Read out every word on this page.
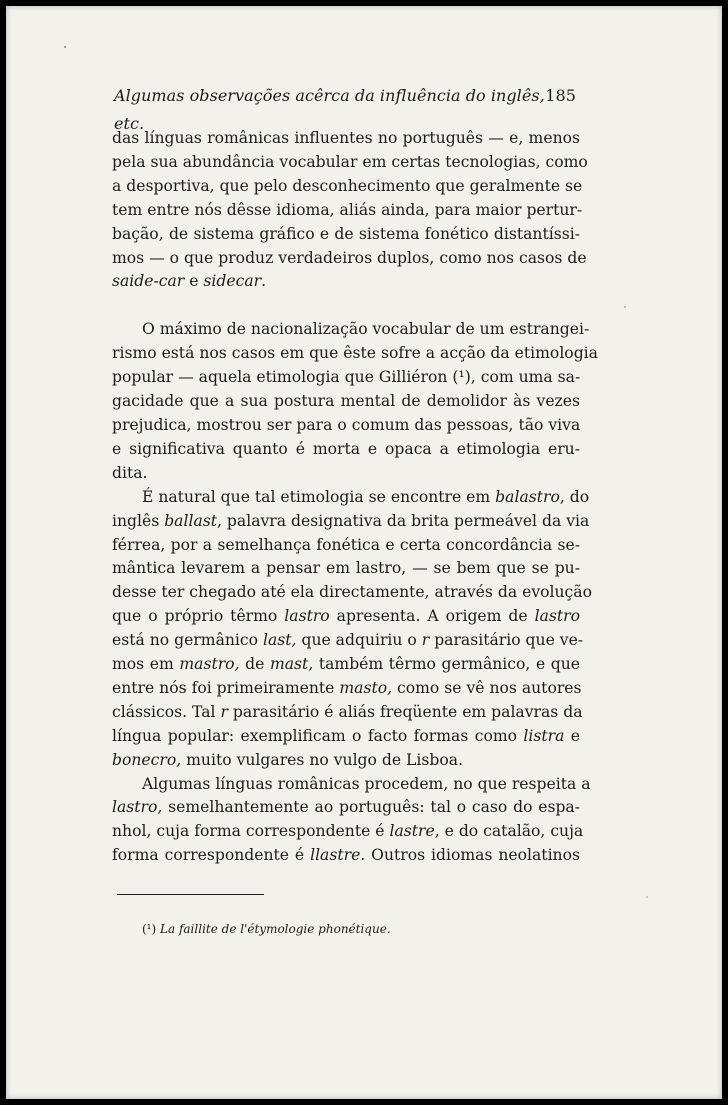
Algumas observações acêrca da influência do inglês, etc.
185

das línguas românicas influentes no português — e, menos
pela sua abundância vocabular em certas tecnologias, como
a desportiva, que pelo desconhecimento que geralmente se
tem entre nós dêsse idioma, aliás ainda, para maior pertur-
bação, de sistema gráfico e de sistema fonético distantíssi-
mos — o que produz verdadeiros duplos, como nos casos de
saide-car e sidecar.

O máximo de nacionalização vocabular de um estrangei-
rismo está nos casos em que êste sofre a acção da etimologia
popular — aquela etimologia que Gilliéron (¹), com uma sa-
gacidade que a sua postura mental de demolidor às vezes
prejudica, mostrou ser para o comum das pessoas, tão viva
e significativa quanto é morta e opaca a etimologia eru-
dita.

É natural que tal etimologia se encontre em balastro, do
inglês ballast, palavra designativa da brita permeável da via
férrea, por a semelhança fonética e certa concordância se-
mântica levarem a pensar em lastro, — se bem que se pu-
desse ter chegado até ela directamente, através da evolução
que o próprio têrmo lastro apresenta. A origem de lastro
está no germânico last, que adquiriu o r parasitário que ve-
mos em mastro, de mast, também têrmo germânico, e que
entre nós foi primeiramente masto, como se vê nos autores
clássicos. Tal r parasitário é aliás freqüente em palavras da
língua popular: exemplificam o facto formas como listra e
bonecro, muito vulgares no vulgo de Lisboa.

Algumas línguas românicas procedem, no que respeita a
lastro, semelhantemente ao português: tal o caso do espa-
nhol, cuja forma correspondente é lastre, e do catalão, cuja
forma correspondente é llastre. Outros idiomas neolatinos

(¹) La faillite de l'étymologie phonétique.
